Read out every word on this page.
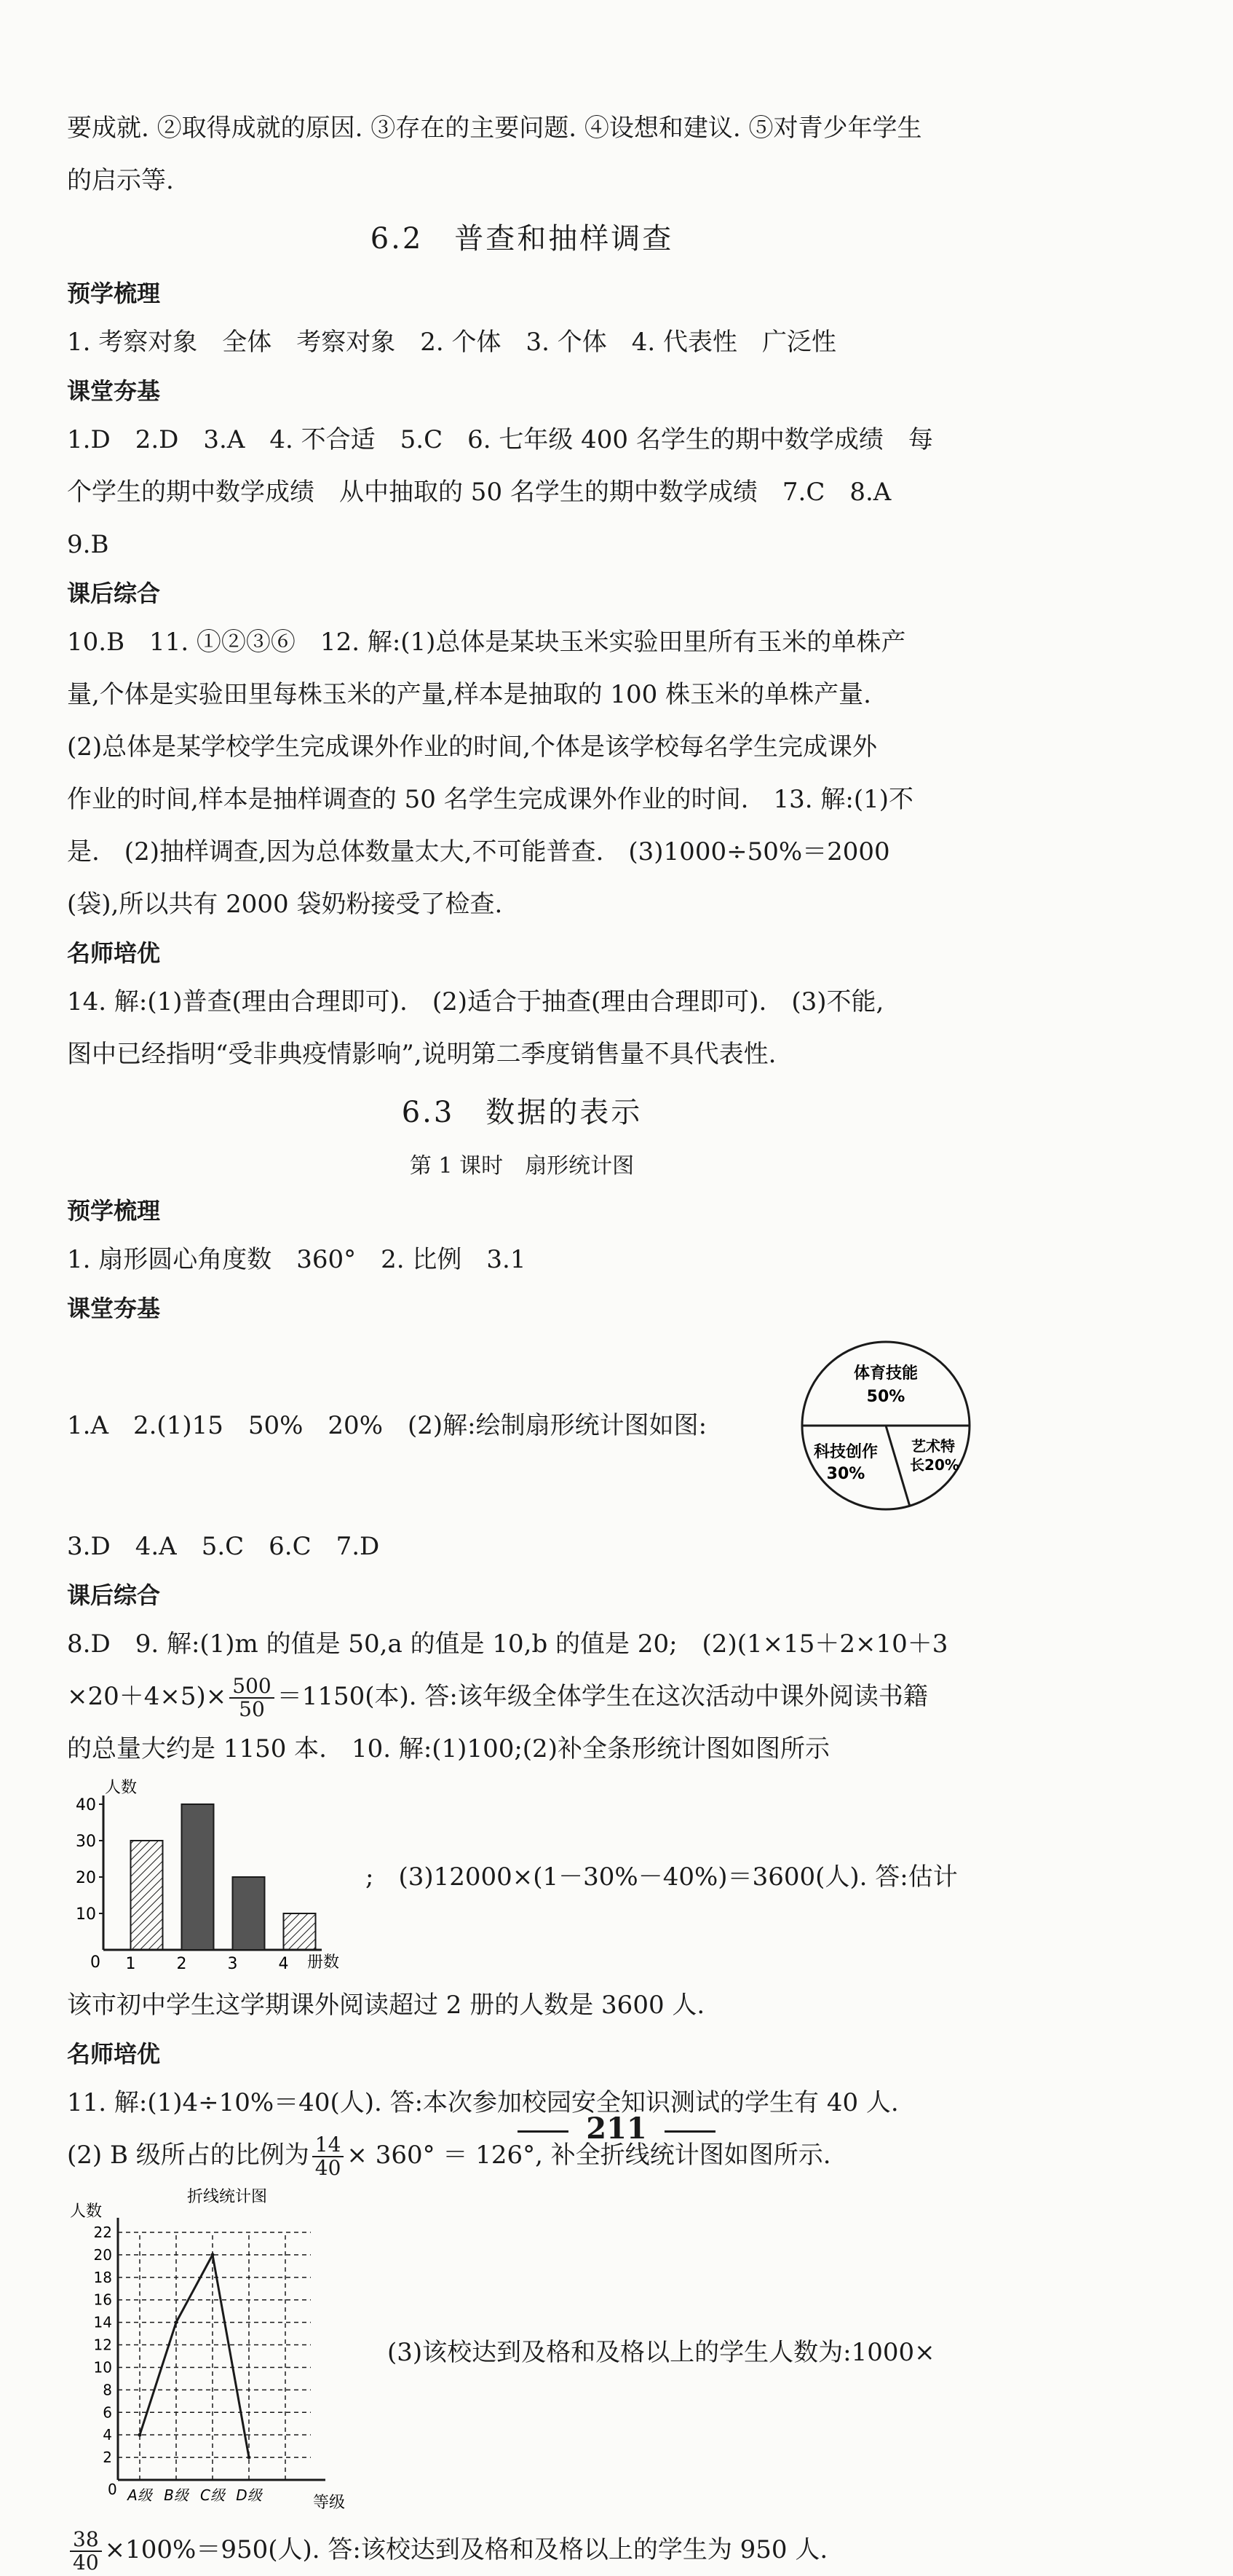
要成就. ②取得成就的原因. ③存在的主要问题. ④设想和建议. ⑤对青少年学生

的启示等.

6.2　普查和抽样调查

预学梳理

1. 考察对象　全体　考察对象　2. 个体　3. 个体　4. 代表性　广泛性

课堂夯基

1.D　2.D　3.A　4. 不合适　5.C　6. 七年级 400 名学生的期中数学成绩　每

个学生的期中数学成绩　从中抽取的 50 名学生的期中数学成绩　7.C　8.A

9.B

课后综合

10.B　11. ①②③⑥　12. 解:(1)总体是某块玉米实验田里所有玉米的单株产

量,个体是实验田里每株玉米的产量,样本是抽取的 100 株玉米的单株产量.

(2)总体是某学校学生完成课外作业的时间,个体是该学校每名学生完成课外

作业的时间,样本是抽样调查的 50 名学生完成课外作业的时间.　13. 解:(1)不

是.　(2)抽样调查,因为总体数量太大,不可能普查.　(3)1000÷50%＝2000

(袋),所以共有 2000 袋奶粉接受了检查.

名师培优

14. 解:(1)普查(理由合理即可).　(2)适合于抽查(理由合理即可).　(3)不能,

图中已经指明“受非典疫情影响”,说明第二季度销售量不具代表性.

6.3　数据的表示

第 1 课时　扇形统计图

预学梳理

1. 扇形圆心角度数　360°　2. 比例　3.1

课堂夯基

1.A　2.(1)15　50%　20%　(2)解:绘制扇形统计图如图:

体育技能
50%
科技创作
30%
艺术特
长20%

3.D　4.A　5.C　6.C　7.D

课后综合

8.D　9. 解:(1)m 的值是 50,a 的值是 10,b 的值是 20;　(2)(1×15＋2×10＋3

$\times 20+4\times 5)\times \frac{500}{50} =1150$(本). 答:该年级全体学生在这次活动中课外阅读书籍

的总量大约是 1150 本.　10. 解:(1)100;(2)补全条形统计图如图所示

人数
0	册数
10
20
30
40
1	2	3	4

;　(3)12000×(1－30%－40%)＝3600(人). 答:估计

该市初中学生这学期课外阅读超过 2 册的人数是 3600 人.

名师培优

11. 解:(1)4÷10%＝40(人). 答:本次参加校园安全知识测试的学生有 40 人.

(2) B 级所占的比例为 $\frac{14}{40} \times 360^\circ = 126^\circ$, 补全折线统计图如图所示.

折线统计图
人数
0
等级
2
4
6
8
10
12
14
16
18
20
22
A级 B级 C级 D级

(3)该校达到及格和及格以上的学生人数为:1000×

$\frac{38}{40} \times 100\%=950$(人). 答:该校达到及格和及格以上的学生为 950 人.

211
